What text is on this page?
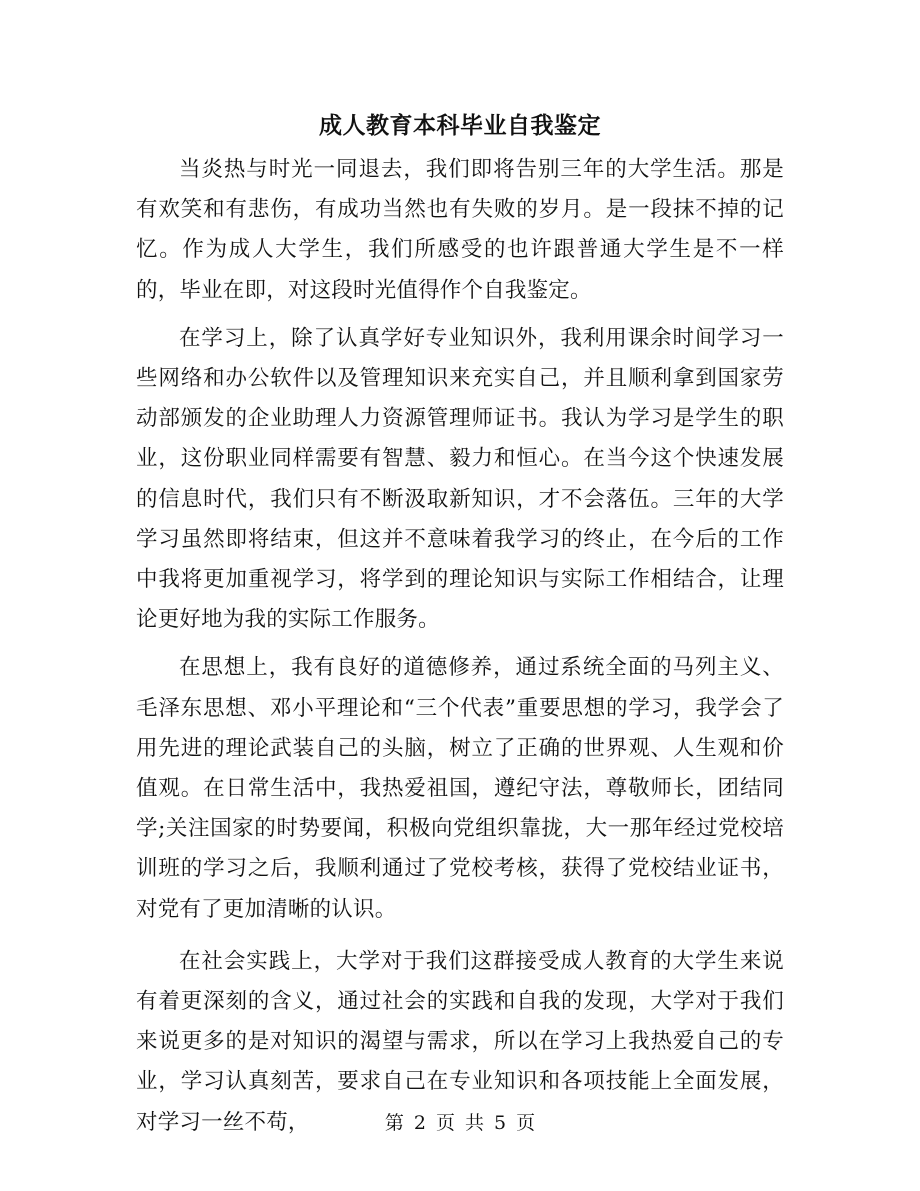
成人教育本科毕业自我鉴定

当炎热与时光一同退去，我们即将告别三年的大学生活。那是有欢笑和有悲伤，有成功当然也有失败的岁月。是一段抹不掉的记忆。作为成人大学生，我们所感受的也许跟普通大学生是不一样的，毕业在即，对这段时光值得作个自我鉴定。

在学习上，除了认真学好专业知识外，我利用课余时间学习一些网络和办公软件以及管理知识来充实自己，并且顺利拿到国家劳动部颁发的企业助理人力资源管理师证书。我认为学习是学生的职业，这份职业同样需要有智慧、毅力和恒心。在当今这个快速发展的信息时代，我们只有不断汲取新知识，才不会落伍。三年的大学学习虽然即将结束，但这并不意味着我学习的终止，在今后的工作中我将更加重视学习，将学到的理论知识与实际工作相结合，让理论更好地为我的实际工作服务。

在思想上，我有良好的道德修养，通过系统全面的马列主义、毛泽东思想、邓小平理论和“三个代表”重要思想的学习，我学会了用先进的理论武装自己的头脑，树立了正确的世界观、人生观和价值观。在日常生活中，我热爱祖国，遵纪守法，尊敬师长，团结同学;关注国家的时势要闻，积极向党组织靠拢，大一那年经过党校培训班的学习之后，我顺利通过了党校考核，获得了党校结业证书，对党有了更加清晰的认识。

在社会实践上，大学对于我们这群接受成人教育的大学生来说有着更深刻的含义，通过社会的实践和自我的发现，大学对于我们来说更多的是对知识的渴望与需求，所以在学习上我热爱自己的专业，学习认真刻苦，要求自己在专业知识和各项技能上全面发展，对学习一丝不苟，	第 2 页 共 5 页
